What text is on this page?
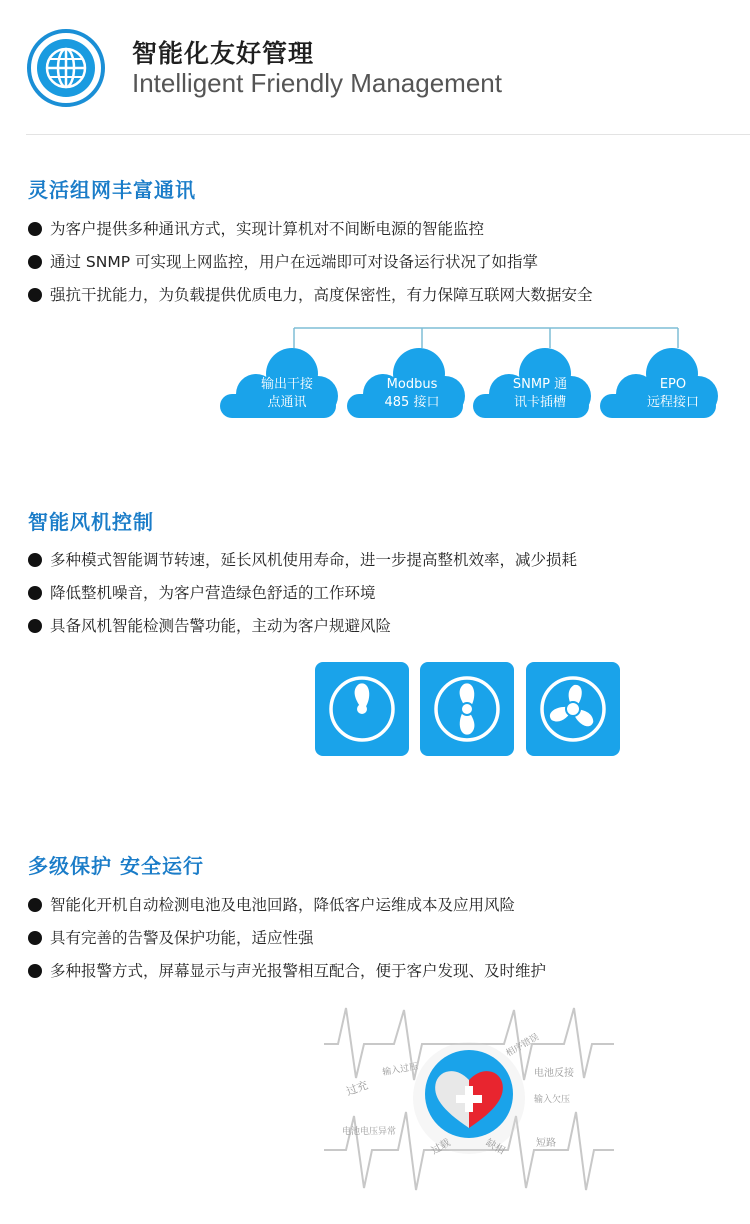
智能化友好管理
Intelligent Friendly Management
灵活组网丰富通讯
为客户提供多种通讯方式，实现计算机对不间断电源的智能监控
通过 SNMP 可实现上网监控，用户在远端即可对设备运行状况了如指掌
强抗干扰能力，为负载提供优质电力，高度保密性，有力保障互联网大数据安全
输出干接
点通讯
Modbus
485 接口
SNMP 通
讯卡插槽
EPO
远程接口
智能风机控制
多种模式智能调节转速，延长风机使用寿命，进一步提高整机效率，减少损耗
降低整机噪音，为客户营造绿色舒适的工作环境
具备风机智能检测告警功能，主动为客户规避风险
多级保护 安全运行
智能化开机自动检测电池及电池回路，降低客户运维成本及应用风险
具有完善的告警及保护功能，适应性强
多种报警方式，屏幕显示与声光报警相互配合，便于客户发现、及时维护
输入过压
相序错误
过充
电池反接
输入欠压
电池电压异常
过载	缺相	短路
